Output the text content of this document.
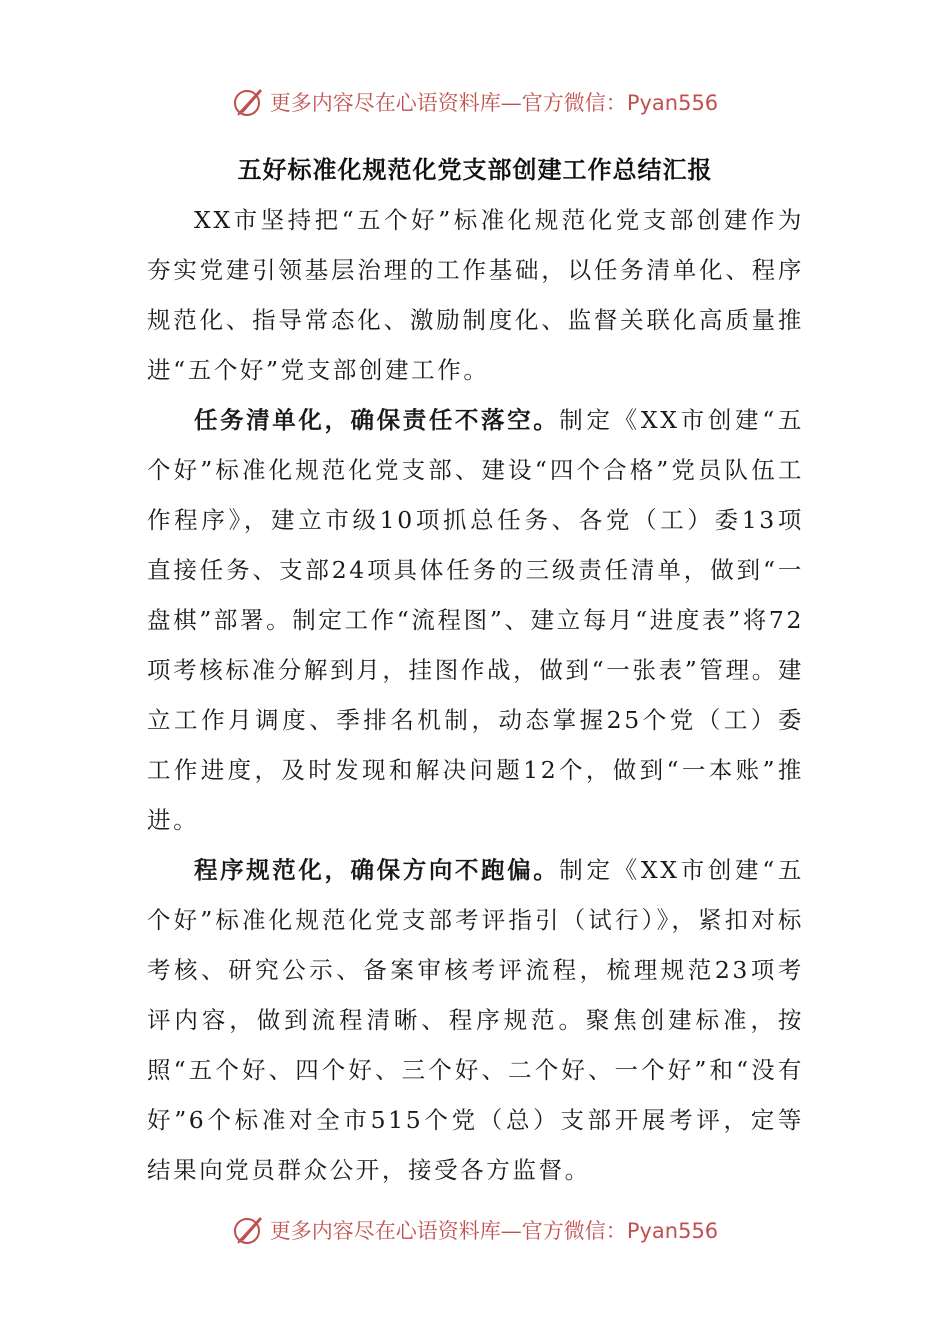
更多内容尽在心语资料库—官方微信：Pyan556
五好标准化规范化党支部创建工作总结汇报

XX市坚持把“五个好”标准化规范化党支部创建作为夯实党建引领基层治理的工作基础，以任务清单化、程序规范化、指导常态化、激励制度化、监督关联化高质量推进“五个好”党支部创建工作。

任务清单化，确保责任不落空。制定《XX市创建“五个好”标准化规范化党支部、建设“四个合格”党员队伍工作程序》，建立市级10项抓总任务、各党（工）委13项直接任务、支部24项具体任务的三级责任清单，做到“一盘棋”部署。制定工作“流程图”、建立每月“进度表”将72项考核标准分解到月，挂图作战，做到“一张表”管理。建立工作月调度、季排名机制，动态掌握25个党（工）委工作进度，及时发现和解决问题12个，做到“一本账”推进。

程序规范化，确保方向不跑偏。制定《XX市创建“五个好”标准化规范化党支部考评指引（试行）》，紧扣对标考核、研究公示、备案审核考评流程，梳理规范23项考评内容，做到流程清晰、程序规范。聚焦创建标准，按照“五个好、四个好、三个好、二个好、一个好”和“没有好”6个标准对全市515个党（总）支部开展考评，定等结果向党员群众公开，接受各方监督。

更多内容尽在心语资料库—官方微信：Pyan556
